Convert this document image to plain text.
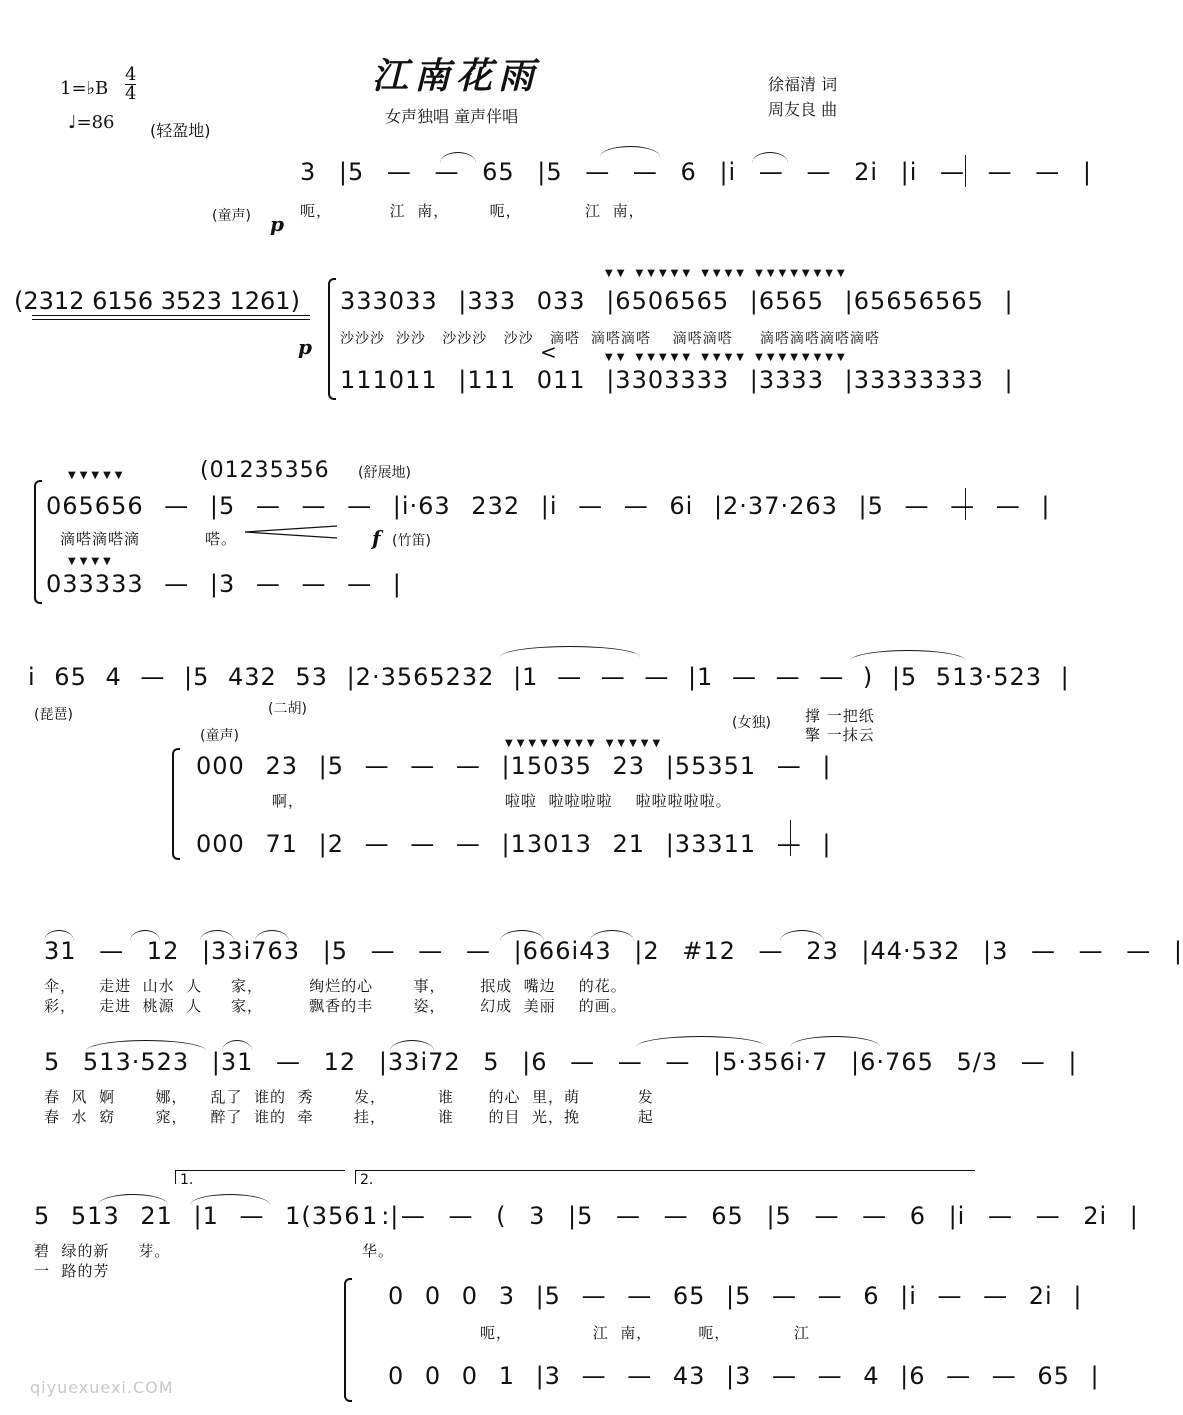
1=♭B
4
4
♩=86 (轻盈地)
江南花雨
女声独唱 童声伴唱
徐福清 词
周友良 曲
3 |5 — — 65 |5 — — 6 |i — — 2i |i — — — |
(童声) p
呃，          江  南，       呃，           江  南，
(2312 6156 3523 1261)
p
▼▼ ▼▼▼▼▼ ▼▼▼▼ ▼▼▼▼▼▼▼▼
333033 |333 033 |6506565 |6565 |65656565 |
沙沙沙  沙沙   沙沙沙   沙沙   滴嗒  滴嗒滴嗒    滴嗒滴嗒     滴嗒滴嗒滴嗒滴嗒
▼▼ ▼▼▼▼▼ ▼▼▼▼ ▼▼▼▼▼▼▼▼
111011 |111 011 |3303333 |3333 |33333333 |
<
(01235356 (舒展地)
▼▼▼▼▼
065656 — |5 — — — |i·63 232 |i — — 6i |2·37·263 |5 — — — |
滴嗒滴嗒滴	嗒。	f (竹笛)
▼▼▼▼
033333 — |3 — — — |
i 65 4 — |5 432 53 |2·3565232 |1 — — — |1 — — — ) |5 513·523 |
(琵琶)	(二胡)
(女独) 撑 一把纸
擎 一抹云
(童声)	▼▼▼▼▼▼▼▼ ▼▼▼▼▼
000 23 |5 — — — |15035 23 |55351 — |
啊，	啦啦  啦啦啦啦    啦啦啦啦啦。
000 71 |2 — — — |13013 21 |33311 — |
31 — 12 |33i763 |5 — — — |666i43 |2 #12 — 23 |44·532 |3 — — — |
伞，    走进  山水  人     家，        绚烂的心       事，      抿成  嘴边    的花。
彩，    走进  桃源  人     家，        飘香的丰       姿，      幻成  美丽    的画。
5 513·523 |31 — 12 |33i72 5 |6 — — — |5·356i·7 |6·765 5/3 — |
春  风  婀       娜，    乱了  谁的  秀       发，         谁      的心  里，萌          发
春  水  窈       窕，    醉了  谁的  牵       挂，         谁      的目  光，挽          起
1.	2.
5 513 21 |1 — 1(356 :|
1 — — ( 3 |5 — — 65 |5 — — 6 |i — — 2i |
碧  绿的新     芽。
一  路的芳
华。
0 0 0 3 |5 — — 65 |5 — — 6 |i — — 2i |
呃，              江  南，        呃，           江
0 0 0 1 |3 — — 43 |3 — — 4 |6 — — 65 |
qiyuexuexi.COM
